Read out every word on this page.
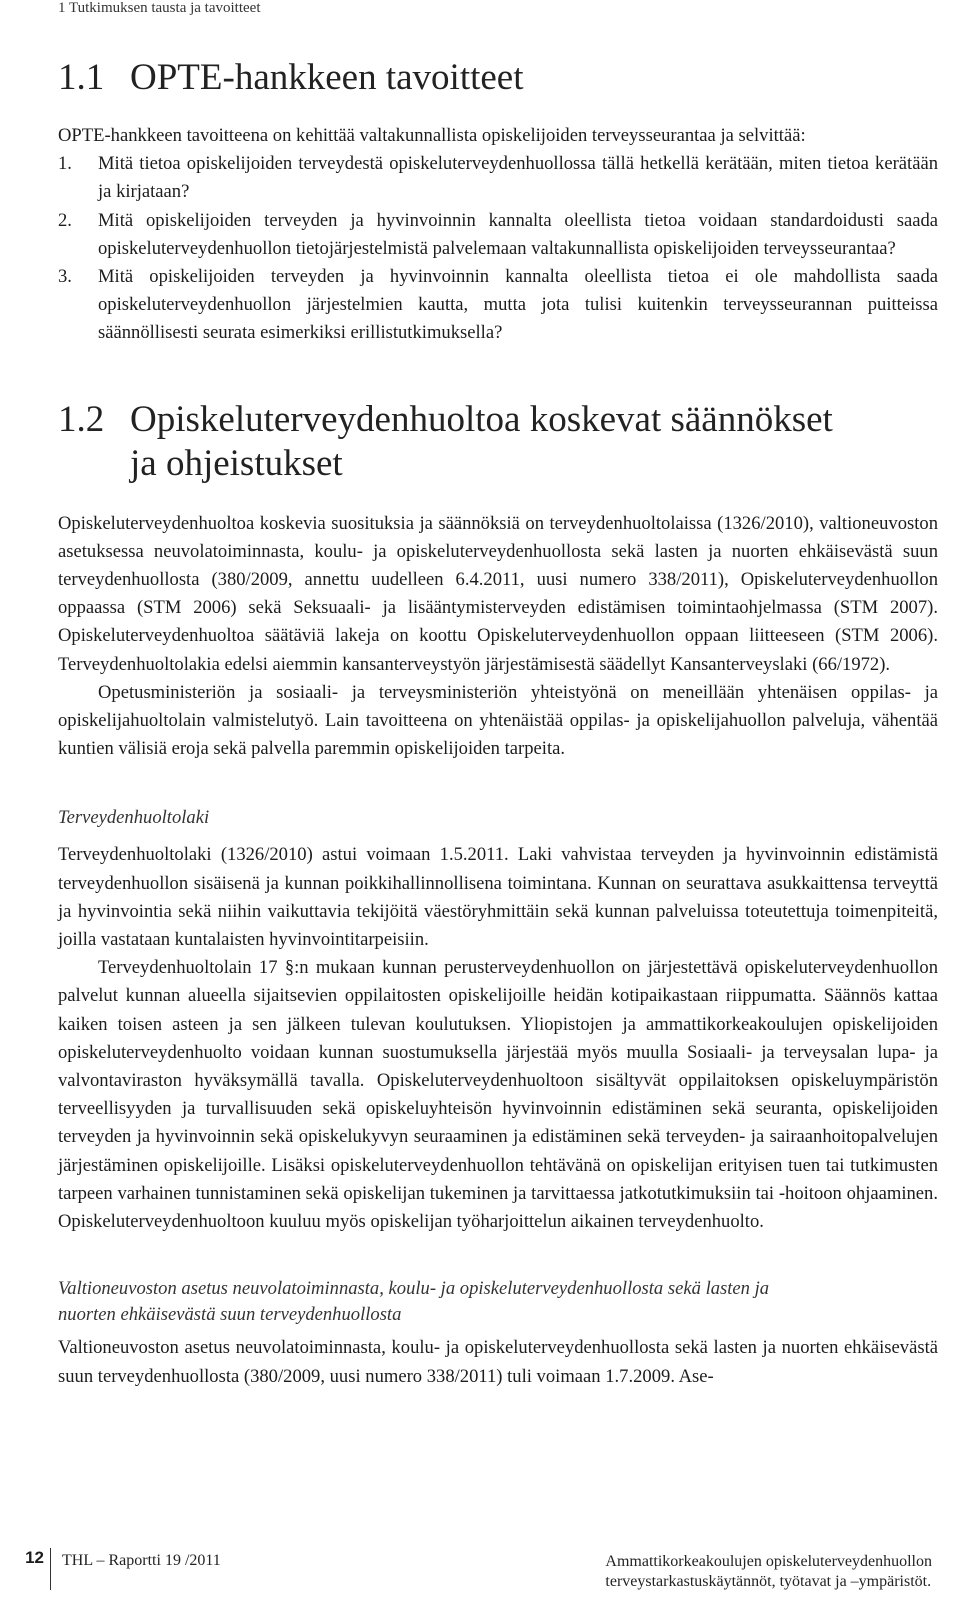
1 Tutkimuksen tausta ja tavoitteet
1.1 OPTE-hankkeen tavoitteet

OPTE-hankkeen tavoitteena on kehittää valtakunnallista opiskelijoiden terveysseurantaa ja selvittää:

1.	Mitä tietoa opiskelijoiden terveydestä opiskeluterveydenhuollossa tällä hetkellä kerätään, miten tietoa kerätään ja kirjataan?
2.	Mitä opiskelijoiden terveyden ja hyvinvoinnin kannalta oleellista tietoa voidaan standardoidusti saada opiskeluterveydenhuollon tietojärjestelmistä palvelemaan valtakunnallista opiskelijoiden terveysseurantaa?
3.	Mitä opiskelijoiden terveyden ja hyvinvoinnin kannalta oleellista tietoa ei ole mahdollista saada opiskeluterveydenhuollon järjestelmien kautta, mutta jota tulisi kuitenkin terveysseurannan puitteissa säännöllisesti seurata esimerkiksi erillistutkimuksella?
1.2 Opiskeluterveydenhuoltoa koskevat säännökset
ja ohjeistukset

Opiskeluterveydenhuoltoa koskevia suosituksia ja säännöksiä on terveydenhuoltolaissa (1326/2010), valtioneuvoston asetuksessa neuvolatoiminnasta, koulu- ja opiskeluterveydenhuollosta sekä lasten ja nuorten ehkäisevästä suun terveydenhuollosta (380/2009, annettu uudelleen 6.4.2011, uusi numero 338/2011), Opiskeluterveydenhuollon oppaassa (STM 2006) sekä Seksuaali- ja lisääntymisterveyden edistämisen toimintaohjelmassa (STM 2007). Opiskeluterveydenhuoltoa säätäviä lakeja on koottu Opiskeluterveydenhuollon oppaan liitteeseen (STM 2006). Terveydenhuoltolakia edelsi aiemmin kansanterveystyön järjestämisestä säädellyt Kansanterveyslaki (66/1972).

Opetusministeriön ja sosiaali- ja terveysministeriön yhteistyönä on meneillään yhtenäisen oppilas- ja opiskelijahuoltolain valmistelutyö. Lain tavoitteena on yhtenäistää oppilas- ja opiskelijahuollon palveluja, vähentää kuntien välisiä eroja sekä palvella paremmin opiskelijoiden tarpeita.

Terveydenhuoltolaki

Terveydenhuoltolaki (1326/2010) astui voimaan 1.5.2011. Laki vahvistaa terveyden ja hyvinvoinnin edistämistä terveydenhuollon sisäisenä ja kunnan poikkihallinnollisena toimintana. Kunnan on seurattava asukkaittensa terveyttä ja hyvinvointia sekä niihin vaikuttavia tekijöitä väestöryhmittäin sekä kunnan palveluissa toteutettuja toimenpiteitä, joilla vastataan kuntalaisten hyvinvointitarpeisiin.

Terveydenhuoltolain 17 §:n mukaan kunnan perusterveydenhuollon on järjestettävä opiskeluterveydenhuollon palvelut kunnan alueella sijaitsevien oppilaitosten opiskelijoille heidän kotipaikastaan riippumatta. Säännös kattaa kaiken toisen asteen ja sen jälkeen tulevan koulutuksen. Yliopistojen ja ammattikorkeakoulujen opiskelijoiden opiskeluterveydenhuolto voidaan kunnan suostumuksella järjestää myös muulla Sosiaali- ja terveysalan lupa- ja valvontaviraston hyväksymällä tavalla. Opiskeluterveydenhuoltoon sisältyvät oppilaitoksen opiskeluympäristön terveellisyyden ja turvallisuuden sekä opiskeluyhteisön hyvinvoinnin edistäminen sekä seuranta, opiskelijoiden terveyden ja hyvinvoinnin sekä opiskelukyvyn seuraaminen ja edistäminen sekä terveyden- ja sairaanhoitopalvelujen järjestäminen opiskelijoille. Lisäksi opiskeluterveydenhuollon tehtävänä on opiskelijan erityisen tuen tai tutkimusten tarpeen varhainen tunnistaminen sekä opiskelijan tukeminen ja tarvittaessa jatkotutkimuksiin tai -hoitoon ohjaaminen. Opiskeluterveydenhuoltoon kuuluu myös opiskelijan työharjoittelun aikainen terveydenhuolto.

Valtioneuvoston asetus neuvolatoiminnasta, koulu- ja opiskeluterveydenhuollosta sekä lasten ja
nuorten ehkäisevästä suun terveydenhuollosta

Valtioneuvoston asetus neuvolatoiminnasta, koulu- ja opiskeluterveydenhuollosta sekä lasten ja nuorten ehkäisevästä suun terveydenhuollosta (380/2009, uusi numero 338/2011) tuli voimaan 1.7.2009. Ase-

12 THL – Raportti 19 /2011	Ammattikorkeakoulujen opiskeluterveydenhuollon
terveystarkastuskäytännöt, työtavat ja –ympäristöt.
